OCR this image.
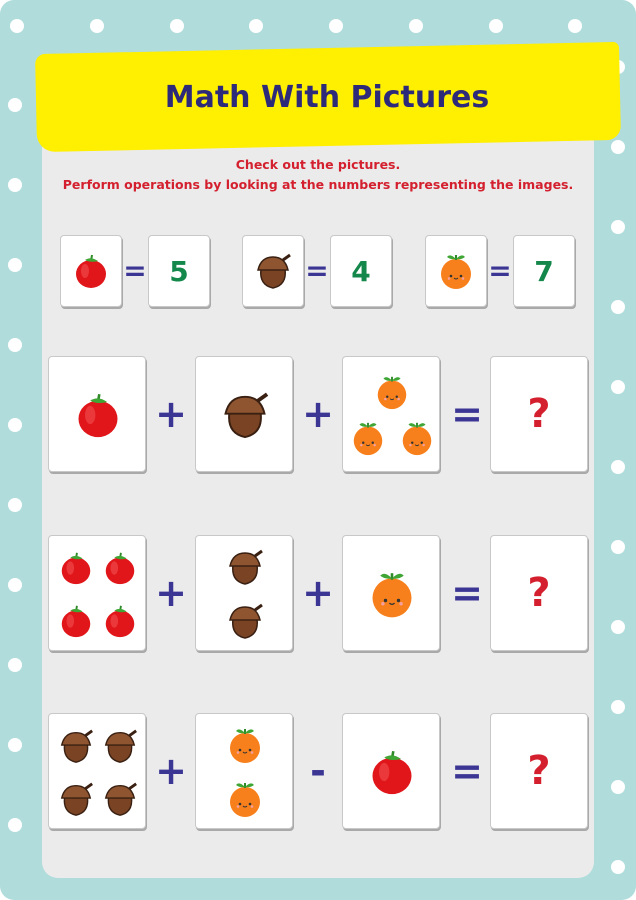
Math With Pictures
Check out the pictures.
Perform operations by looking at the numbers representing the images.
= 5	= 4	= 7
+	+	=	?
+	+	=	?
+	-	=	?
